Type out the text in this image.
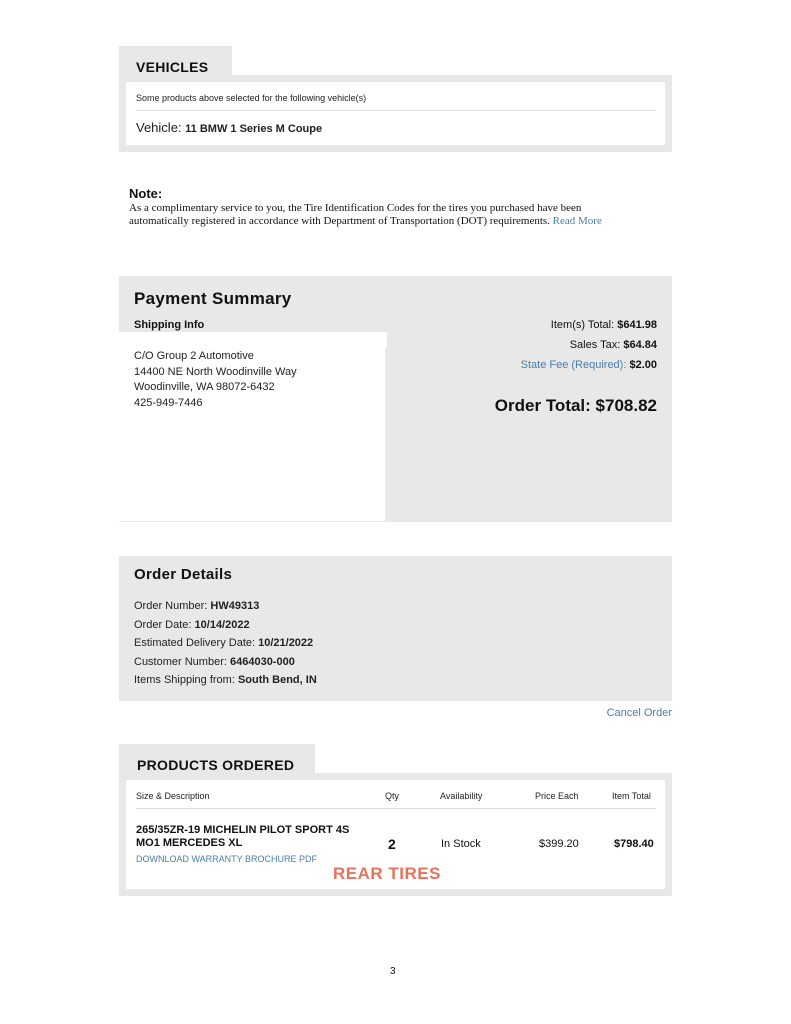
VEHICLES
Some products above selected for the following vehicle(s)
Vehicle: 11 BMW 1 Series M Coupe
Note:
As a complimentary service to you, the Tire Identification Codes for the tires you purchased have been automatically registered in accordance with Department of Transportation (DOT) requirements. Read More
Payment Summary
Shipping Info
C/O Group 2 Automotive
14400 NE North Woodinville Way
Woodinville, WA 98072-6432
425-949-7446
Item(s) Total: $641.98
Sales Tax: $64.84
State Fee (Required): $2.00
Order Total: $708.82
Order Details
Order Number: HW49313
Order Date: 10/14/2022
Estimated Delivery Date: 10/21/2022
Customer Number: 6464030-000
Items Shipping from: South Bend, IN
Cancel Order
PRODUCTS ORDERED
Size & Description	Qty	Availability	Price Each	Item Total
265/35ZR-19 MICHELIN PILOT SPORT 4S MO1 MERCEDES XL
DOWNLOAD WARRANTY BROCHURE PDF
2	In Stock	$399.20	$798.40
REAR TIRES
3
